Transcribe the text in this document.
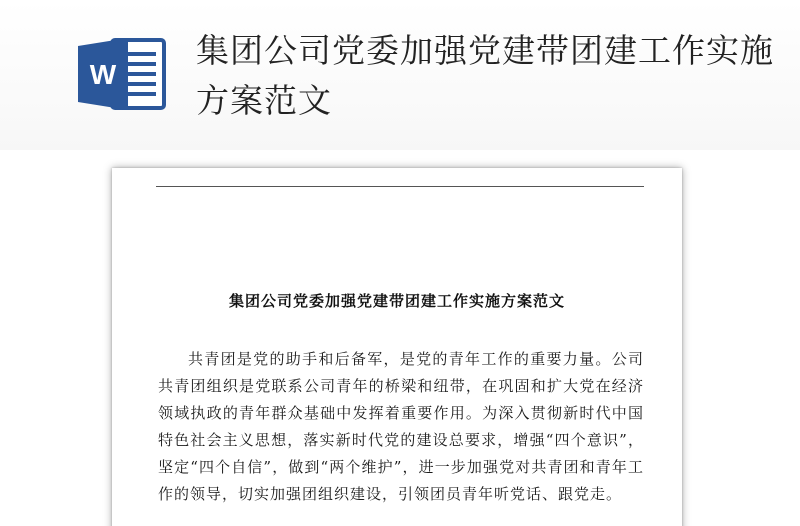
W
集团公司党委加强党建带团建工作实施方案范文
集团公司党委加强党建带团建工作实施方案范文

共青团是党的助手和后备军，是党的青年工作的重要力量。公司共青团组织是党联系公司青年的桥梁和纽带，在巩固和扩大党在经济领域执政的青年群众基础中发挥着重要作用。为深入贯彻新时代中国特色社会主义思想，落实新时代党的建设总要求，增强“四个意识”，坚定“四个自信”，做到“两个维护”，进一步加强党对共青团和青年工作的领导，切实加强团组织建设，引领团员青年听党话、跟党走。
